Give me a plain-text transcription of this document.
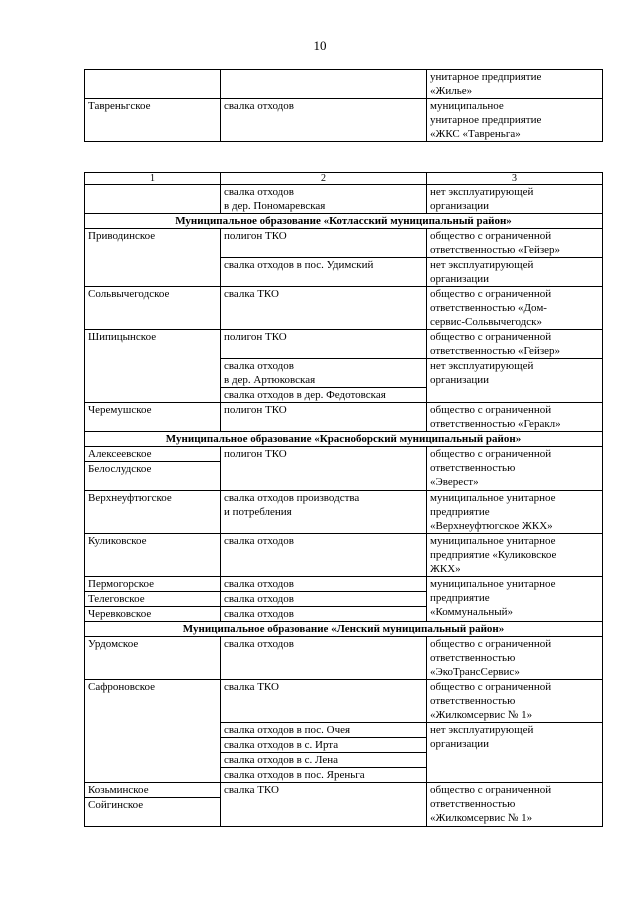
10
		унитарное предприятие
«Жилье»
Тавреньгское	свалка отходов	муниципальное
унитарное предприятие
«ЖКС «Тавреньга»
1	2	3
	свалка отходов
в дер. Пономаревская	нет эксплуатирующей
организации
Муниципальное образование «Котласский муниципальный район»		
Приводинское	полигон ТКО	общество с ограниченной
ответственностью «Гейзер»
	свалка отходов в пос. Удимский	нет эксплуатирующей
организации
Сольвычегодское	свалка ТКО	общество с ограниченной
ответственностью «Дом-
сервис-Сольвычегодск»
Шипицынское	полигон ТКО	общество с ограниченной
ответственностью «Гейзер»
	свалка отходов
в дер. Артюковская	нет эксплуатирующей
организации
	свалка отходов в дер. Федотовская	
Черемушское	полигон ТКО	общество с ограниченной
ответственностью «Геракл»
Муниципальное образование «Красноборский муниципальный район»		
Алексеевское	полигон ТКО	общество с ограниченной
ответственностью
«Эверест»
Белослудское		
Верхнеуфтюгское	свалка отходов производства
и потребления	муниципальное унитарное
предприятие
«Верхнеуфтюгское ЖКХ»
Куликовское	свалка отходов	муниципальное унитарное
предприятие «Куликовское
ЖКХ»
Пермогорское	свалка отходов	муниципальное унитарное
предприятие
«Коммунальный»
Телеговское	свалка отходов	
Черевковское	свалка отходов	
Муниципальное образование «Ленский муниципальный район»		
Урдомское	свалка отходов	общество с ограниченной
ответственностью
«ЭкоТрансСервис»
Сафроновское	свалка ТКО	общество с ограниченной
ответственностью
«Жилкомсервис № 1»
	свалка отходов в пос. Очея	нет эксплуатирующей
организации
	свалка отходов в с. Ирта	
	свалка отходов в с. Лена	
	свалка отходов в пос. Яреньга	
Козьминское	свалка ТКО	общество с ограниченной
ответственностью
«Жилкомсервис № 1»
Сойгинское		
